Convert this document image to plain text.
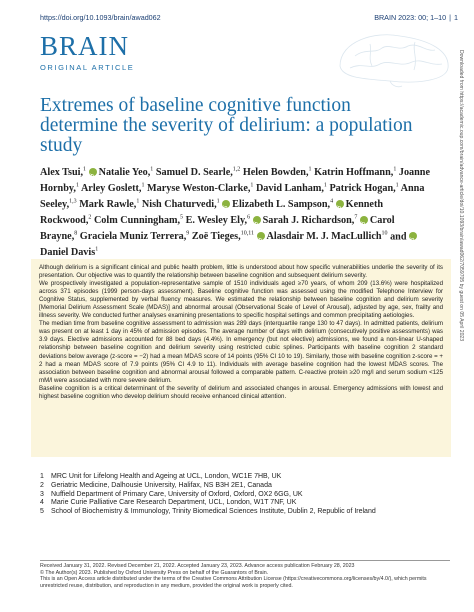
https://doi.org/10.1093/brain/awad062	BRAIN 2023: 00; 1–10 | 1
BRAIN
ORIGINAL ARTICLE
Extremes of baseline cognitive function determine the severity of delirium: a population study
Alex Tsui,$^1$ iD Natalie Yeo,$^1$ Samuel D. Searle,$^{1,2}$ Helen Bowden,$^1$ Katrin Hoffmann,$^1$ Joanne Hornby,$^1$ Arley Goslett,$^1$ Maryse Weston-Clarke,$^1$ David Lanham,$^1$ Patrick Hogan,$^1$ Anna Seeley,$^{1,3}$ Mark Rawle,$^1$ Nish Chaturvedi,$^1$ iD Elizabeth L. Sampson,$^4$ iD Kenneth Rockwood,$^2$ Colm Cunningham,$^5$ E. Wesley Ely,$^6$ iD Sarah J. Richardson,$^7$ iD Carol Brayne,$^8$ Graciela Muniz Terrera,$^9$ Zoë Tieges,$^{10,11}$ iD Alasdair M. J. MacLullich$^{10}$ and iDDaniel Davis$^1$

Although delirium is a significant clinical and public health problem, little is understood about how specific vulnerabilities underlie the severity of its presentation. Our objective was to quantify the relationship between baseline cognition and subsequent delirium severity.

We prospectively investigated a population-representative sample of 1510 individuals aged ≥70 years, of whom 209 (13.6%) were hospitalized across 371 episodes (1999 person-days assessment). Baseline cognitive function was assessed using the modified Telephone Interview for Cognitive Status, supplemented by verbal fluency measures. We estimated the relationship between baseline cognition and delirium severity [Memorial Delirium Assessment Scale (MDAS)] and abnormal arousal (Observational Scale of Level of Arousal), adjusted by age, sex, frailty and illness severity. We conducted further analyses examining presentations to specific hospital settings and common precipitating aetiologies.

The median time from baseline cognitive assessment to admission was 289 days (interquartile range 130 to 47 days). In admitted patients, delirium was present on at least 1 day in 45% of admission episodes. The average number of days with delirium (consecutively positive assessments) was 3.9 days. Elective admissions accounted for 88 bed days (4.4%). In emergency (but not elective) admissions, we found a non-linear U-shaped relationship between baseline cognition and delirium severity using restricted cubic splines. Participants with baseline cognition 2 standard deviations below average (z-score = −2) had a mean MDAS score of 14 points (95% CI 10 to 19). Similarly, those with baseline cognition z-score = + 2 had a mean MDAS score of 7.9 points (95% CI 4.9 to 11). Individuals with average baseline cognition had the lowest MDAS scores. The association between baseline cognition and abnormal arousal followed a comparable pattern. C-reactive protein ≥20 mg/l and serum sodium <125 mM/l were associated with more severe delirium.

Baseline cognition is a critical determinant of the severity of delirium and associated changes in arousal. Emergency admissions with lowest and highest baseline cognition who develop delirium should receive enhanced clinical attention.

1	MRC Unit for Lifelong Health and Ageing at UCL, London, WC1E 7HB, UK
2	Geriatric Medicine, Dalhousie University, Halifax, NS B3H 2E1, Canada
3	Nuffield Department of Primary Care, University of Oxford, Oxford, OX2 6GG, UK
4	Marie Curie Palliative Care Research Department, UCL, London, W1T 7NF, UK
5	School of Biochemistry & Immunology, Trinity Biomedical Sciences Institute, Dublin 2, Republic of Ireland
Received January 31, 2022. Revised December 21, 2022. Accepted January 23, 2023. Advance access publication February 28, 2023
© The Author(s) 2023. Published by Oxford University Press on behalf of the Guarantors of Brain.
This is an Open Access article distributed under the terms of the Creative Commons Attribution License (https://creativecommons.org/licenses/by/4.0/), which permits unrestricted reuse, distribution, and reproduction in any medium, provided the original work is properly cited.
Downloaded from https://academic.oup.com/brain/advance-article/doi/10.1093/brain/awad062/7059705 by guest on 05 April 2023
